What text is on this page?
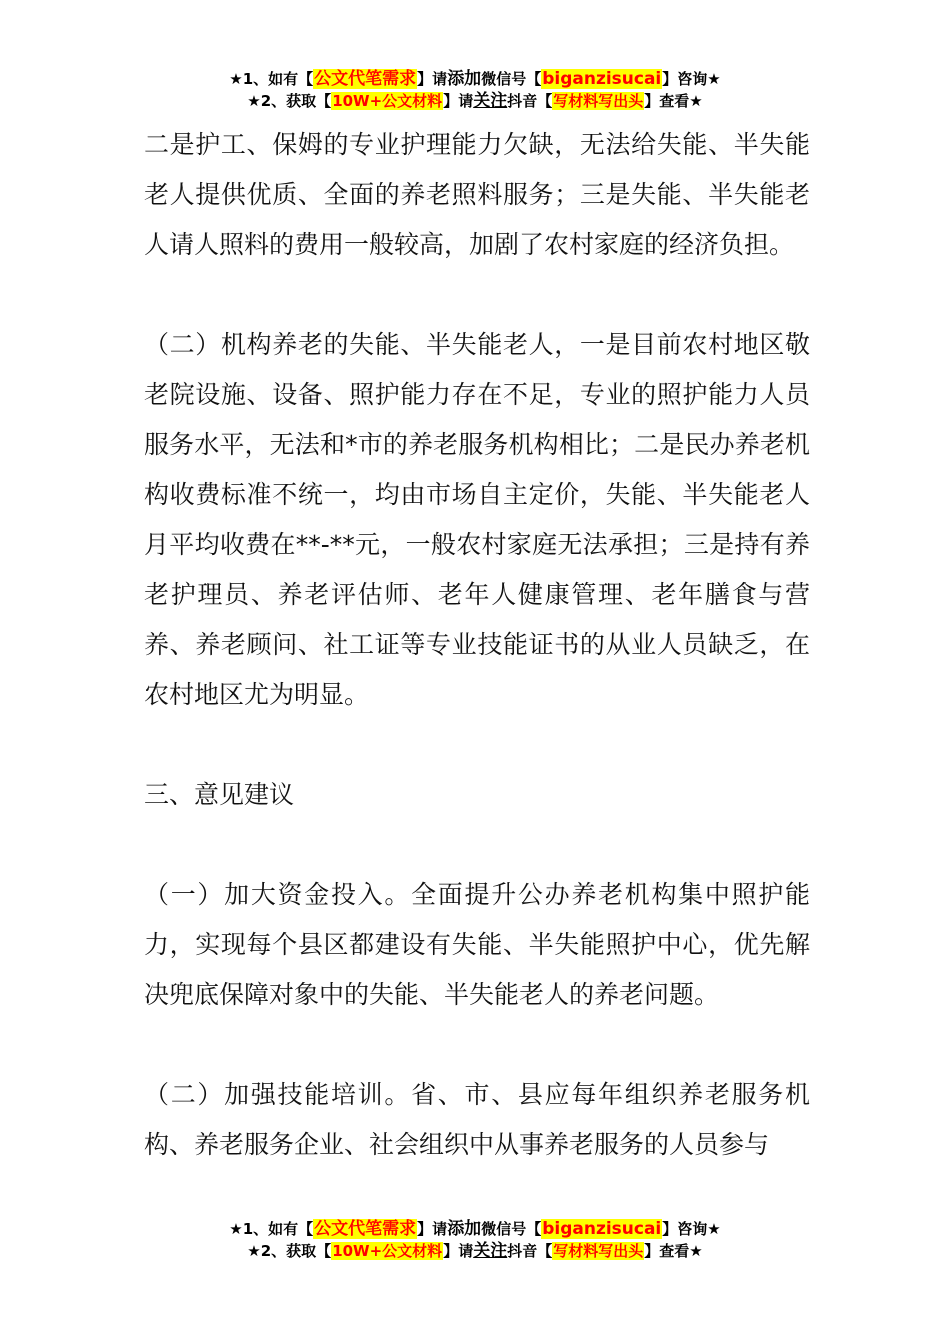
★1、如有【公文代笔需求】请添加微信号【biganzisucai】咨询★
★2、获取【10W+公文材料】请关注抖音【写材料写出头】查看★

二是护工、保姆的专业护理能力欠缺，无法给失能、半失能老人提供优质、全面的养老照料服务；三是失能、半失能老人请人照料的费用一般较高，加剧了农村家庭的经济负担。

（二）机构养老的失能、半失能老人，一是目前农村地区敬老院设施、设备、照护能力存在不足，专业的照护能力人员服务水平，无法和*市的养老服务机构相比；二是民办养老机构收费标准不统一，均由市场自主定价，失能、半失能老人月平均收费在**-**元，一般农村家庭无法承担；三是持有养老护理员、养老评估师、老年人健康管理、老年膳食与营养、养老顾问、社工证等专业技能证书的从业人员缺乏，在农村地区尤为明显。

三、意见建议

（一）加大资金投入。全面提升公办养老机构集中照护能力，实现每个县区都建设有失能、半失能照护中心，优先解决兜底保障对象中的失能、半失能老人的养老问题。

（二）加强技能培训。省、市、县应每年组织养老服务机构、养老服务企业、社会组织中从事养老服务的人员参与

★1、如有【公文代笔需求】请添加微信号【biganzisucai】咨询★
★2、获取【10W+公文材料】请关注抖音【写材料写出头】查看★
